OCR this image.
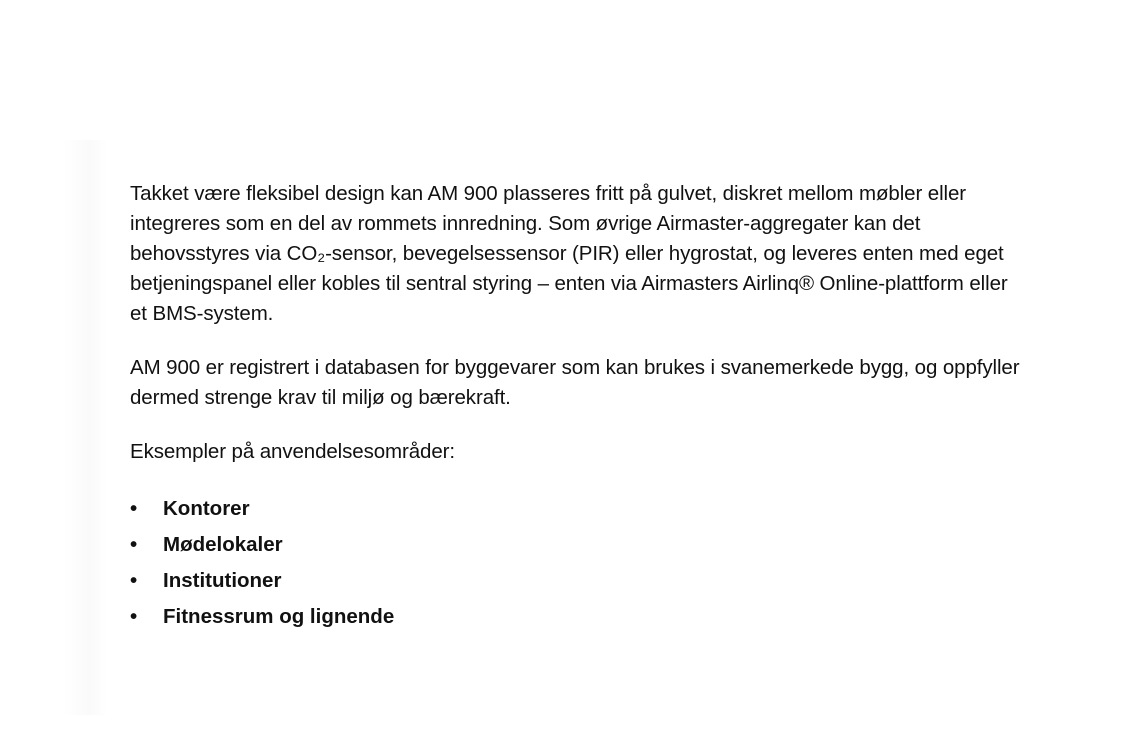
Takket være fleksibel design kan AM 900 plasseres fritt på gulvet, diskret mellom møbler eller integreres som en del av rommets innredning. Som øvrige Airmaster-aggregater kan det behovsstyres via CO₂-sensor, bevegelsessensor (PIR) eller hygrostat, og leveres enten med eget betjeningspanel eller kobles til sentral styring – enten via Airmasters Airlinq® Online-plattform eller et BMS-system.

AM 900 er registrert i databasen for byggevarer som kan brukes i svanemerkede bygg, og oppfyller dermed strenge krav til miljø og bærekraft.

Eksempler på anvendelsesområder:

• Kontorer
• Mødelokaler
• Institutioner
• Fitnessrum og lignende
